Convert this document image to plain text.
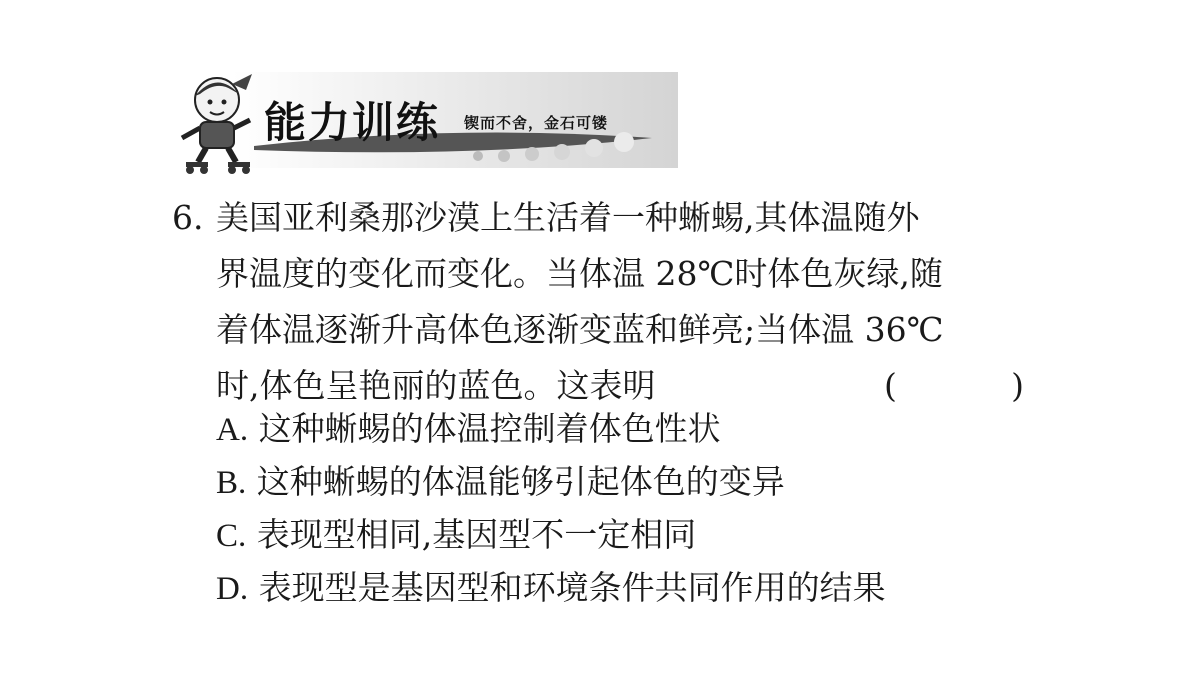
能力训练 锲而不舍，金石可镂
6. 美国亚利桑那沙漠上生活着一种蜥蜴,其体温随外
界温度的变化而变化。当体温 28℃时体色灰绿,随
着体温逐渐升高体色逐渐变蓝和鲜亮;当体温 36℃
时,体色呈艳丽的蓝色。这表明	(	)
A. 这种蜥蜴的体温控制着体色性状
B. 这种蜥蜴的体温能够引起体色的变异
C. 表现型相同,基因型不一定相同
D. 表现型是基因型和环境条件共同作用的结果
